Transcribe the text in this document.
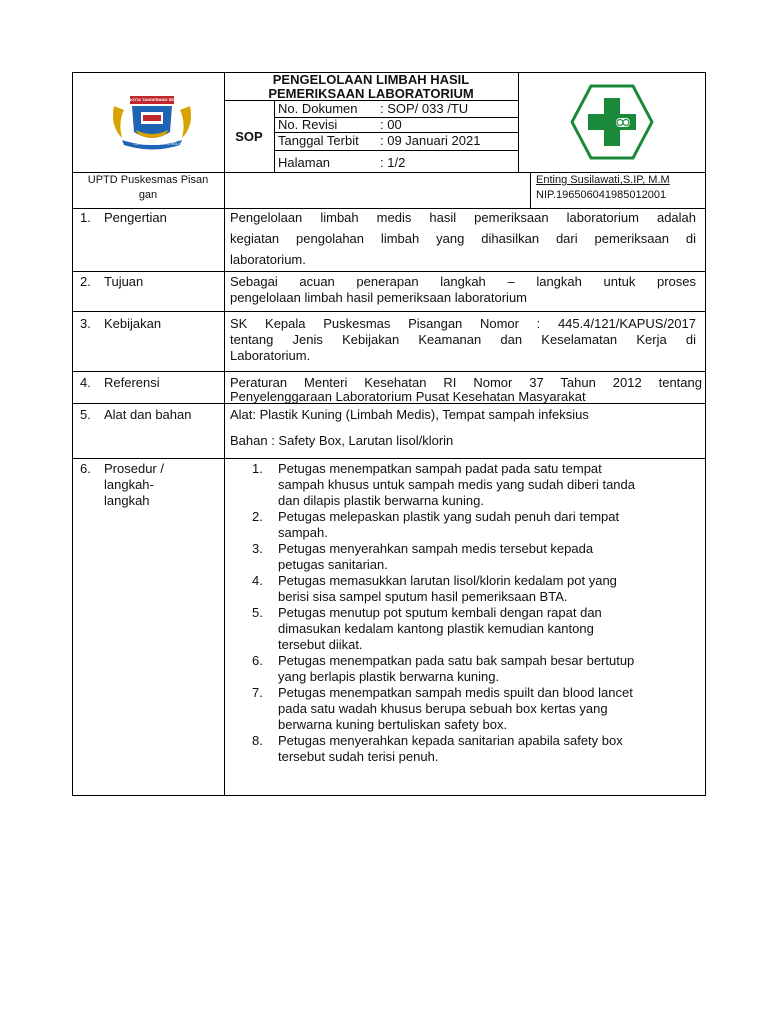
KOTA TANGERANG SELATAN
CERDAS MODERN RELIGIUS
PENGELOLAAN LIMBAH HASIL
PEMERIKSAAN LABORATORIUM
SOP
No. Dokumen : SOP/ 033 /TU
No. Revisi	: 00
Tanggal Terbit : 09 Januari 2021
Halaman	: 1/2
UPTD Puskesmas Pisan
gan
Enting Susilawati,S.IP, M.M
NIP.196506041985012001
1. Pengertian	Pengelolaan limbah medis hasil pemeriksaan laboratorium adalah
kegiatan pengolahan limbah yang dihasilkan dari pemeriksaan di
laboratorium.
2. Tujuan	Sebagai acuan penerapan langkah – langkah untuk proses
pengelolaan limbah hasil pemeriksaan laboratorium
3. Kebijakan	SK Kepala Puskesmas Pisangan Nomor : 445.4/121/KAPUS/2017
tentang Jenis Kebijakan Keamanan dan Keselamatan Kerja di
Laboratorium.
4. Referensi	Peraturan Menteri Kesehatan RI Nomor 37 Tahun 2012 tentang
Penyelenggaraan Laboratorium Pusat Kesehatan Masyarakat
5. Alat dan bahan	Alat: Plastik Kuning (Limbah Medis), Tempat sampah infeksius
Bahan : Safety Box, Larutan lisol/klorin
6. Prosedur /
langkah-
langkah
1. Petugas menempatkan sampah padat pada satu tempat
sampah khusus untuk sampah medis yang sudah diberi tanda
dan dilapis plastik berwarna kuning.
2. Petugas melepaskan plastik yang sudah penuh dari tempat
sampah.
3. Petugas menyerahkan sampah medis tersebut kepada
petugas sanitarian.
4. Petugas memasukkan larutan lisol/klorin kedalam pot yang
berisi sisa sampel sputum hasil pemeriksaan BTA.
5. Petugas menutup pot sputum kembali dengan rapat dan
dimasukan kedalam kantong plastik kemudian kantong
tersebut diikat.
6. Petugas menempatkan pada satu bak sampah besar bertutup
yang berlapis plastik berwarna kuning.
7. Petugas menempatkan sampah medis spuilt dan blood lancet
pada satu wadah khusus berupa sebuah box kertas yang
berwarna kuning bertuliskan safety box.
8. Petugas menyerahkan kepada sanitarian apabila safety box
tersebut sudah terisi penuh.
